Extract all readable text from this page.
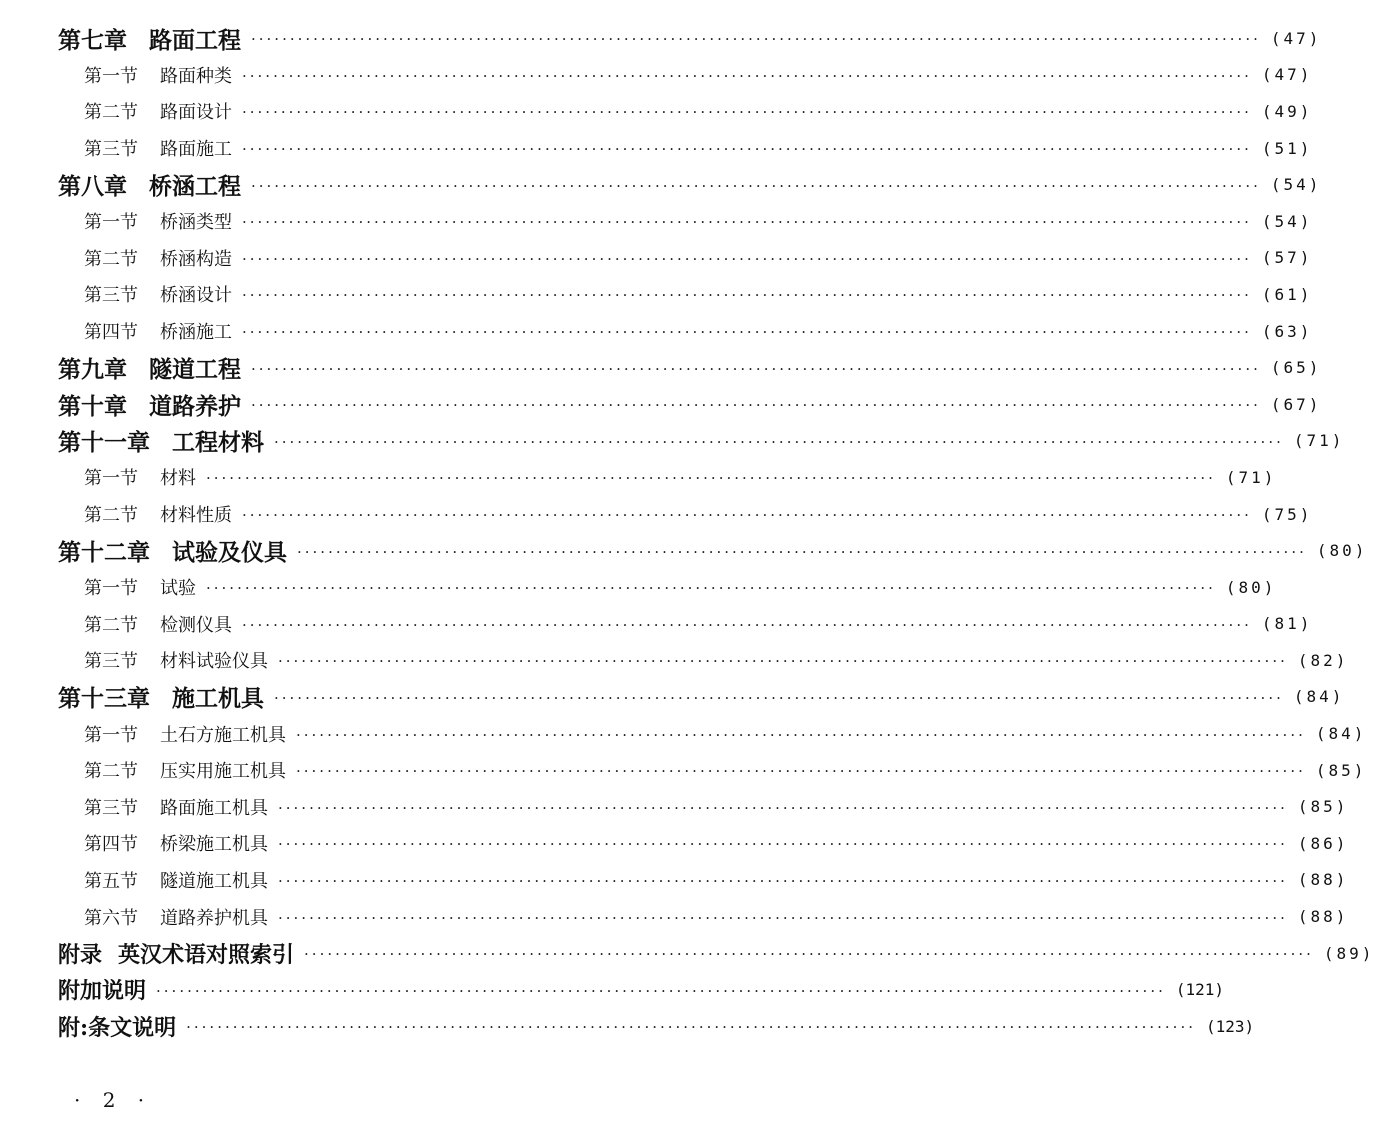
第七章 路面工程 ·································································································································· (47)
第一节 路面种类 ·································································································································· (47)
第二节 路面设计 ·································································································································· (49)
第三节 路面施工 ·································································································································· (51)
第八章 桥涵工程 ·································································································································· (54)
第一节 桥涵类型 ·································································································································· (54)
第二节 桥涵构造 ·································································································································· (57)
第三节 桥涵设计 ·································································································································· (61)
第四节 桥涵施工 ·································································································································· (63)
第九章 隧道工程 ·································································································································· (65)
第十章 道路养护 ·································································································································· (67)
第十一章 工程材料 ·································································································································· (71)
第一节 材料 ·································································································································· (71)
第二节 材料性质 ·································································································································· (75)
第十二章 试验及仪具 ·································································································································· (80)
第一节 试验 ·································································································································· (80)
第二节 检测仪具 ·································································································································· (81)
第三节 材料试验仪具 ·································································································································· (82)
第十三章 施工机具 ·································································································································· (84)
第一节 土石方施工机具 ·································································································································· (84)
第二节 压实用施工机具 ·································································································································· (85)
第三节 路面施工机具 ·································································································································· (85)
第四节 桥梁施工机具 ·································································································································· (86)
第五节 隧道施工机具 ·································································································································· (88)
第六节 道路养护机具 ·································································································································· (88)
附录 英汉术语对照索引 ·································································································································· (89)
附加说明 ·································································································································· (121)
附:条文说明 ·································································································································· (123)
· 2 ·
